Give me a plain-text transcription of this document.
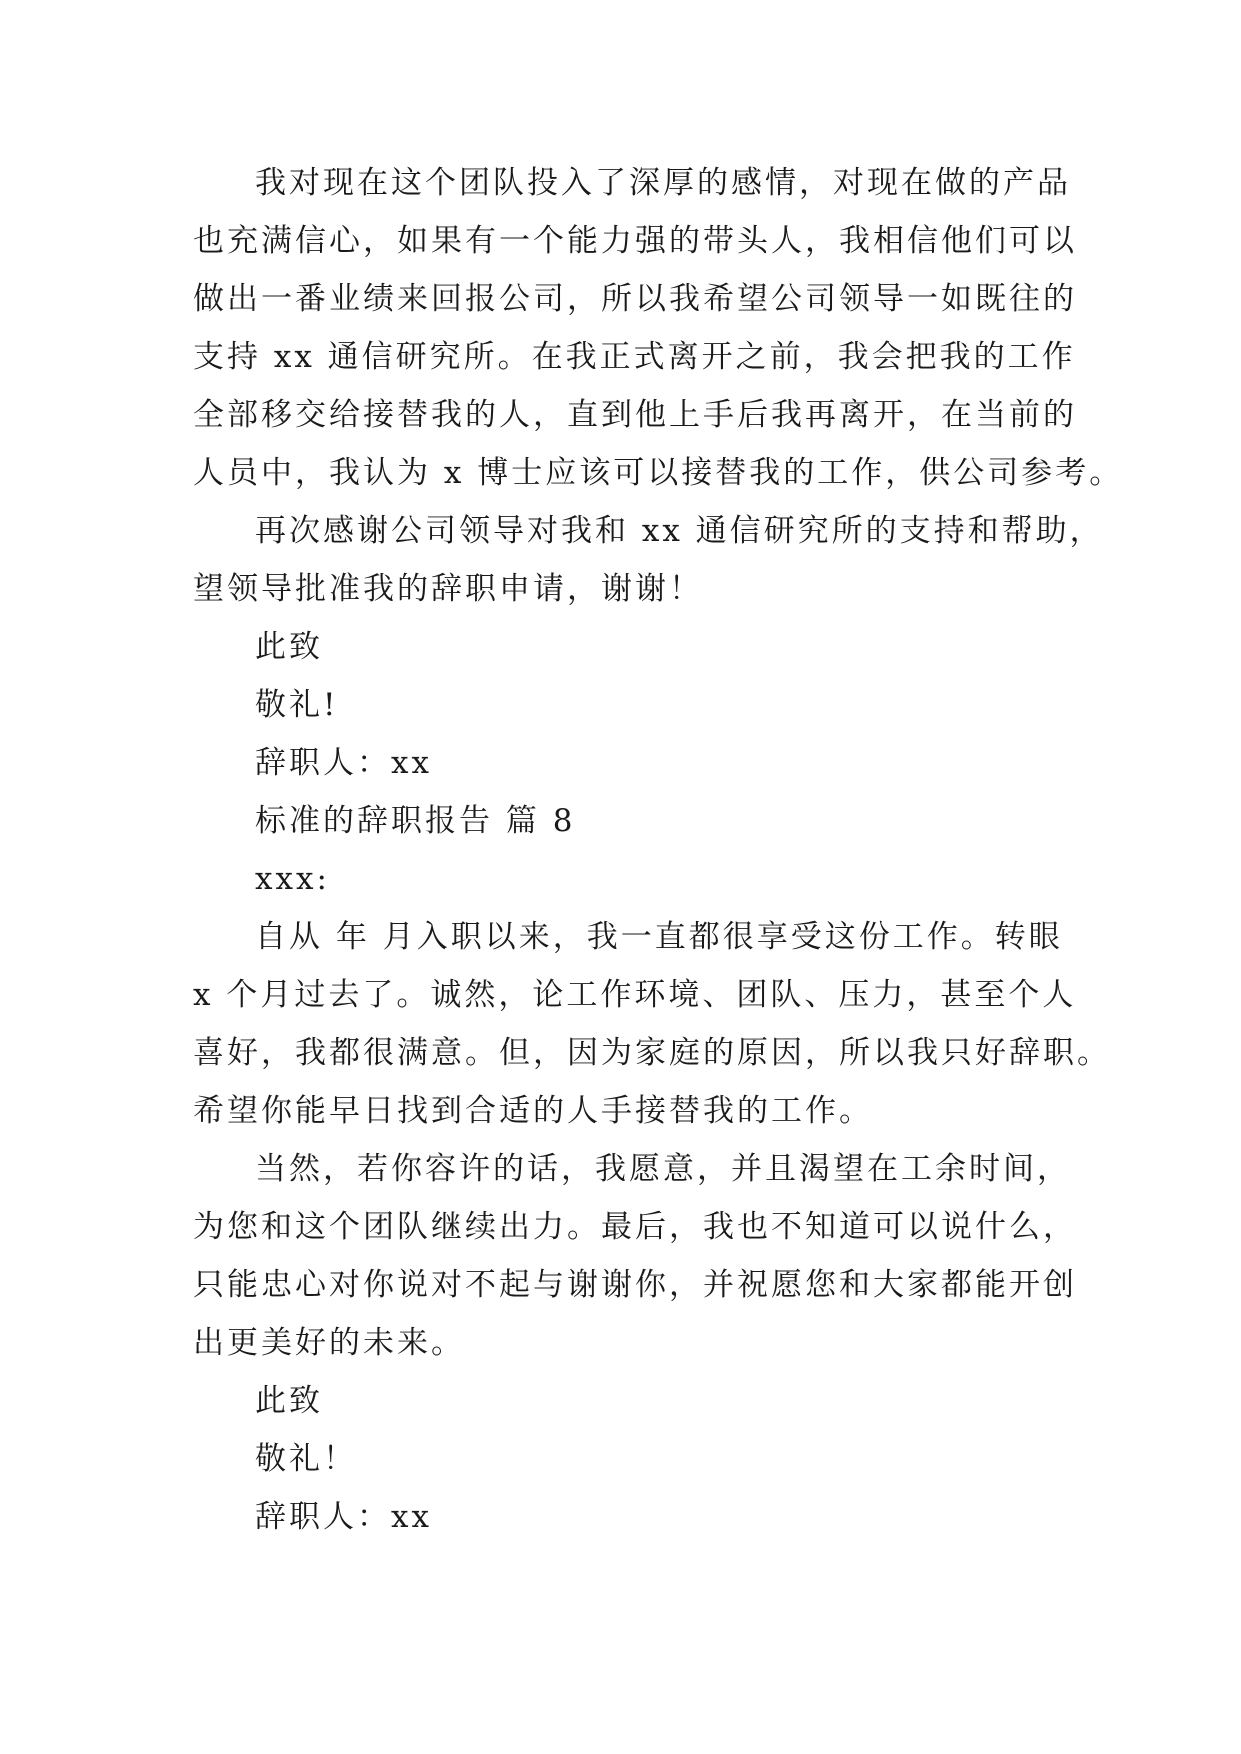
我对现在这个团队投入了深厚的感情，对现在做的产品
也充满信心，如果有一个能力强的带头人，我相信他们可以
做出一番业绩来回报公司，所以我希望公司领导一如既往的
支持 xx 通信研究所。在我正式离开之前，我会把我的工作
全部移交给接替我的人，直到他上手后我再离开，在当前的
人员中，我认为 x 博士应该可以接替我的工作，供公司参考。
再次感谢公司领导对我和 xx 通信研究所的支持和帮助，
望领导批准我的辞职申请，谢谢！
此致
敬礼!
辞职人：xx
标准的辞职报告 篇 8
xxx:
自从 年 月入职以来，我一直都很享受这份工作。转眼
x 个月过去了。诚然，论工作环境、团队、压力，甚至个人
喜好，我都很满意。但，因为家庭的原因，所以我只好辞职。
希望你能早日找到合适的人手接替我的工作。
当然，若你容许的话，我愿意，并且渴望在工余时间，
为您和这个团队继续出力。最后，我也不知道可以说什么，
只能忠心对你说对不起与谢谢你，并祝愿您和大家都能开创
出更美好的未来。
此致
敬礼！
辞职人：xx
